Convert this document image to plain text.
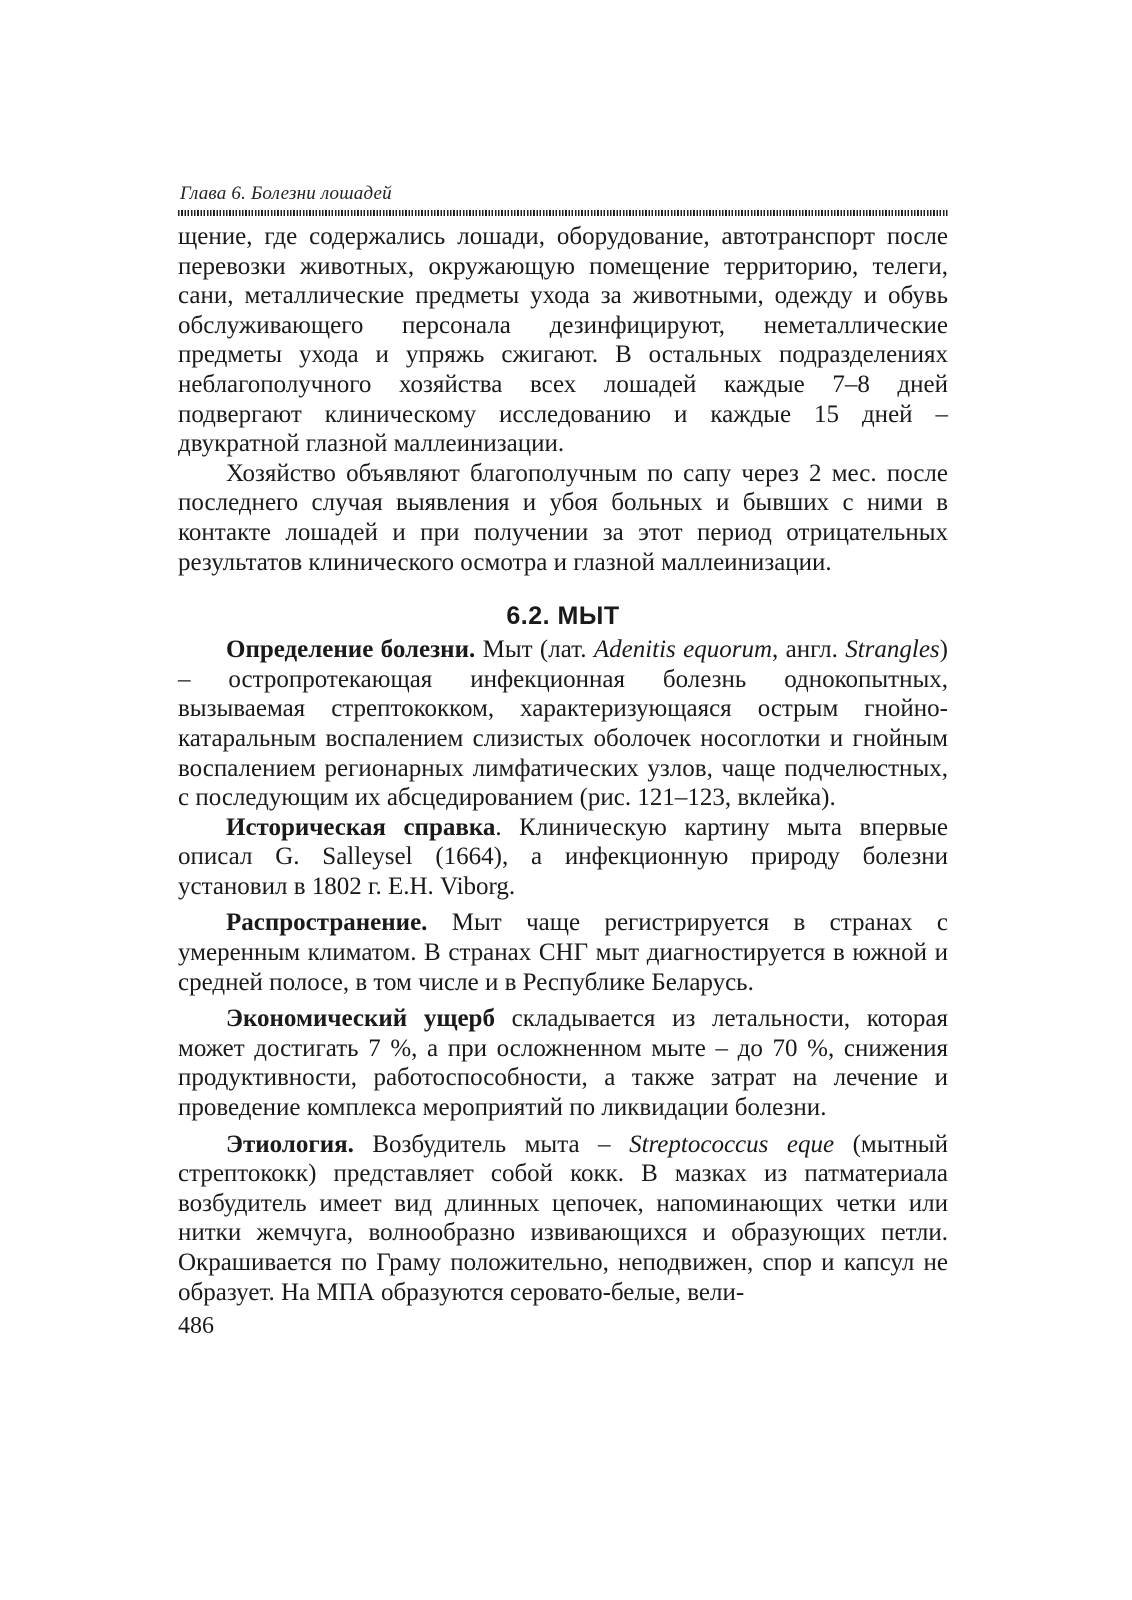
Глава 6. Болезни лошадей

щение, где содержались лошади, оборудование, автотранспорт после перевозки животных, окружающую помещение территорию, телеги, сани, металлические предметы ухода за животными, одежду и обувь обслуживающего персонала дезинфицируют, неметаллические предметы ухода и упряжь сжигают. В остальных подразделениях неблагополучного хозяйства всех лошадей каждые 7–8 дней подвергают клиническому исследованию и каждые 15 дней – двукратной глазной маллеинизации.

Хозяйство объявляют благополучным по сапу через 2 мес. после последнего случая выявления и убоя больных и бывших с ними в контакте лошадей и при получении за этот период отрицательных результатов клинического осмотра и глазной маллеинизации.

6.2. МЫТ

Определение болезни. Мыт (лат. Adenitis equorum, англ. Strangles) – остропротекающая инфекционная болезнь однокопытных, вызываемая стрептококком, характеризующаяся острым гнойно-катаральным воспалением слизистых оболочек носоглотки и гнойным воспалением регионарных лимфатических узлов, чаще подчелюстных, с последующим их абсцедированием (рис. 121–123, вклейка).

Историческая справка. Клиническую картину мыта впервые описал G. Salleysel (1664), а инфекционную природу болезни установил в 1802 г. Е.Н. Viborg.

Распространение. Мыт чаще регистрируется в странах с умеренным климатом. В странах СНГ мыт диагностируется в южной и средней полосе, в том числе и в Республике Беларусь.

Экономический ущерб складывается из летальности, которая может достигать 7 %, а при осложненном мыте – до 70 %, снижения продуктивности, работоспособности, а также затрат на лечение и проведение комплекса мероприятий по ликвидации болезни.

Этиология. Возбудитель мыта – Streptococcus eque (мытный стрептококк) представляет собой кокк. В мазках из патматериала возбудитель имеет вид длинных цепочек, напоминающих четки или нитки жемчуга, волнообразно извивающихся и образующих петли. Окрашивается по Граму положительно, неподвижен, спор и капсул не образует. На МПА образуются серовато-белые, вели-

486
